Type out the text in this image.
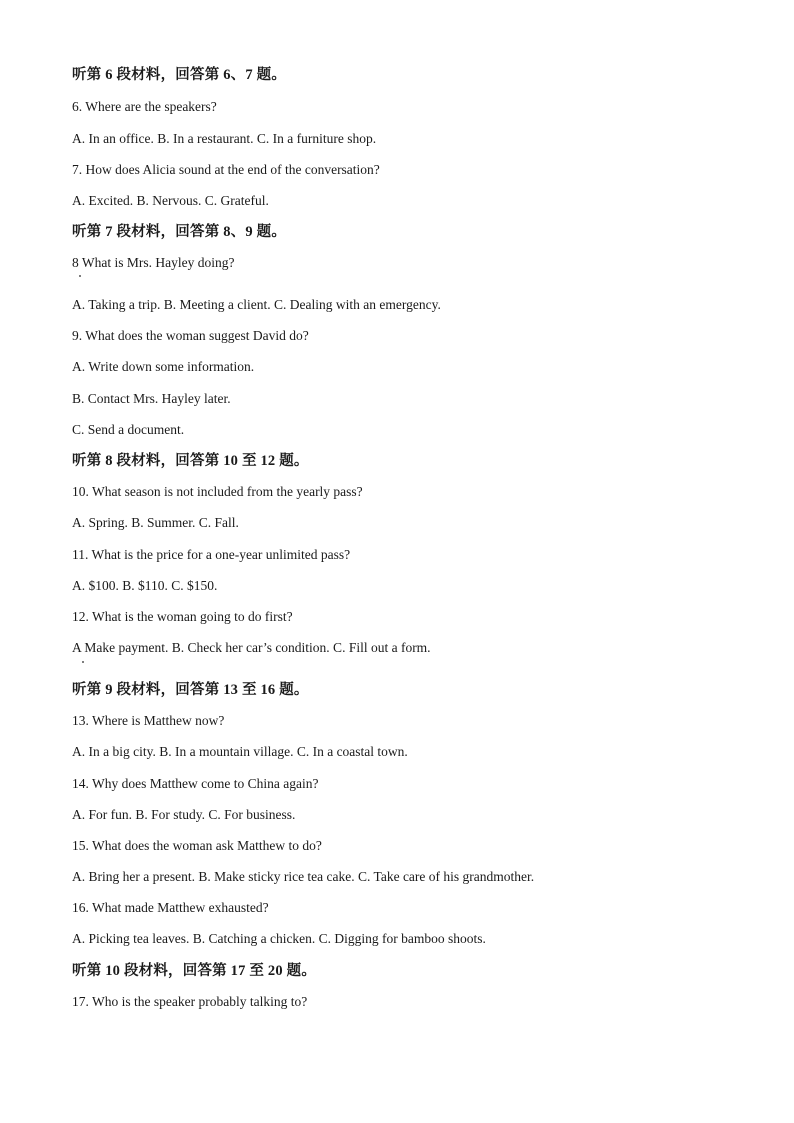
听第 6 段材料，回答第 6、7 题。
6. Where are the speakers?
A. In an office. B. In a restaurant. C. In a furniture shop.
7. How does Alicia sound at the end of the conversation?
A. Excited. B. Nervous. C. Grateful.
听第 7 段材料，回答第 8、9 题。
8 What is Mrs. Hayley doing?
A. Taking a trip. B. Meeting a client. C. Dealing with an emergency.
9. What does the woman suggest David do?
A. Write down some information.
B. Contact Mrs. Hayley later.
C. Send a document.
听第 8 段材料，回答第 10 至 12 题。
10. What season is not included from the yearly pass?
A. Spring. B. Summer. C. Fall.
11. What is the price for a one-year unlimited pass?
A. $100. B. $110. C. $150.
12. What is the woman going to do first?
A Make payment. B. Check her car’s condition. C. Fill out a form.
听第 9 段材料，回答第 13 至 16 题。
13. Where is Matthew now?
A. In a big city. B. In a mountain village. C. In a coastal town.
14. Why does Matthew come to China again?
A. For fun. B. For study. C. For business.
15. What does the woman ask Matthew to do?
A. Bring her a present. B. Make sticky rice tea cake. C. Take care of his grandmother.
16. What made Matthew exhausted?
A. Picking tea leaves. B. Catching a chicken. C. Digging for bamboo shoots.
听第 10 段材料，回答第 17 至 20 题。
17. Who is the speaker probably talking to?
